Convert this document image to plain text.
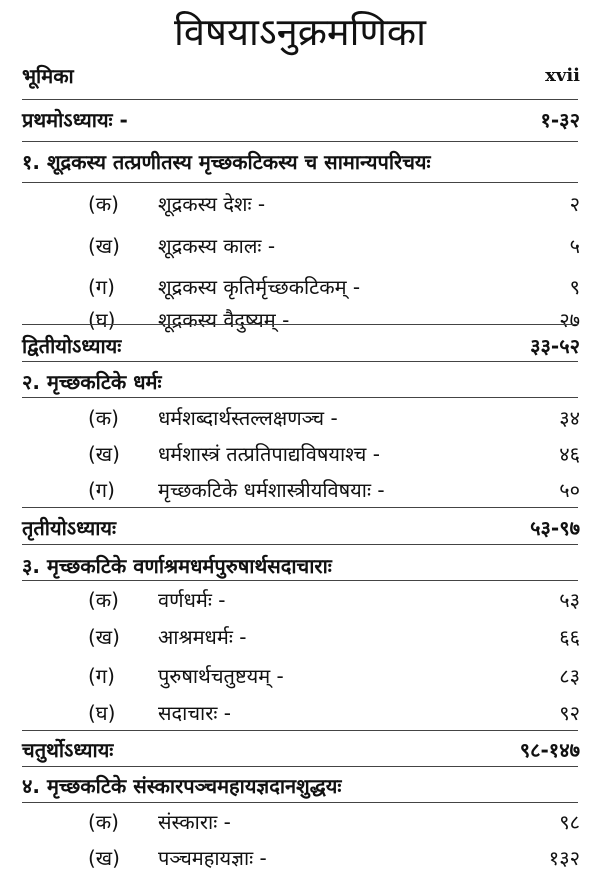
विषयाऽनुक्रमणिका
भूमिका	xvii
प्रथमोऽध्यायः -	१-३२
१. शूद्रकस्य तत्प्रणीतस्य मृच्छकटिकस्य च सामान्यपरिचयः
(क) शूद्रकस्य देशः -	२
(ख) शूद्रकस्य कालः -	५
(ग) शूद्रकस्य कृतिर्मृच्छकटिकम् -	९
(घ) शूद्रकस्य वैदुष्यम् -	२७
द्वितीयोऽध्यायः	३३-५२
२. मृच्छकटिके धर्मः
(क) धर्मशब्दार्थस्तल्लक्षणञ्च -	३४
(ख) धर्मशास्त्रं तत्प्रतिपाद्यविषयाश्च -	४६
(ग) मृच्छकटिके धर्मशास्त्रीयविषयाः -	५०
तृतीयोऽध्यायः	५३-९७
३. मृच्छकटिके वर्णाश्रमधर्मपुरुषार्थसदाचाराः
(क) वर्णधर्मः -	५३
(ख) आश्रमधर्मः -	६६
(ग) पुरुषार्थचतुष्टयम् -	८३
(घ) सदाचारः -	९२
चतुर्थोऽध्यायः	९८-१४७
४. मृच्छकटिके संस्कारपञ्चमहायज्ञदानशुद्धयः
(क) संस्काराः -	९८
(ख) पञ्चमहायज्ञाः -	१३२
